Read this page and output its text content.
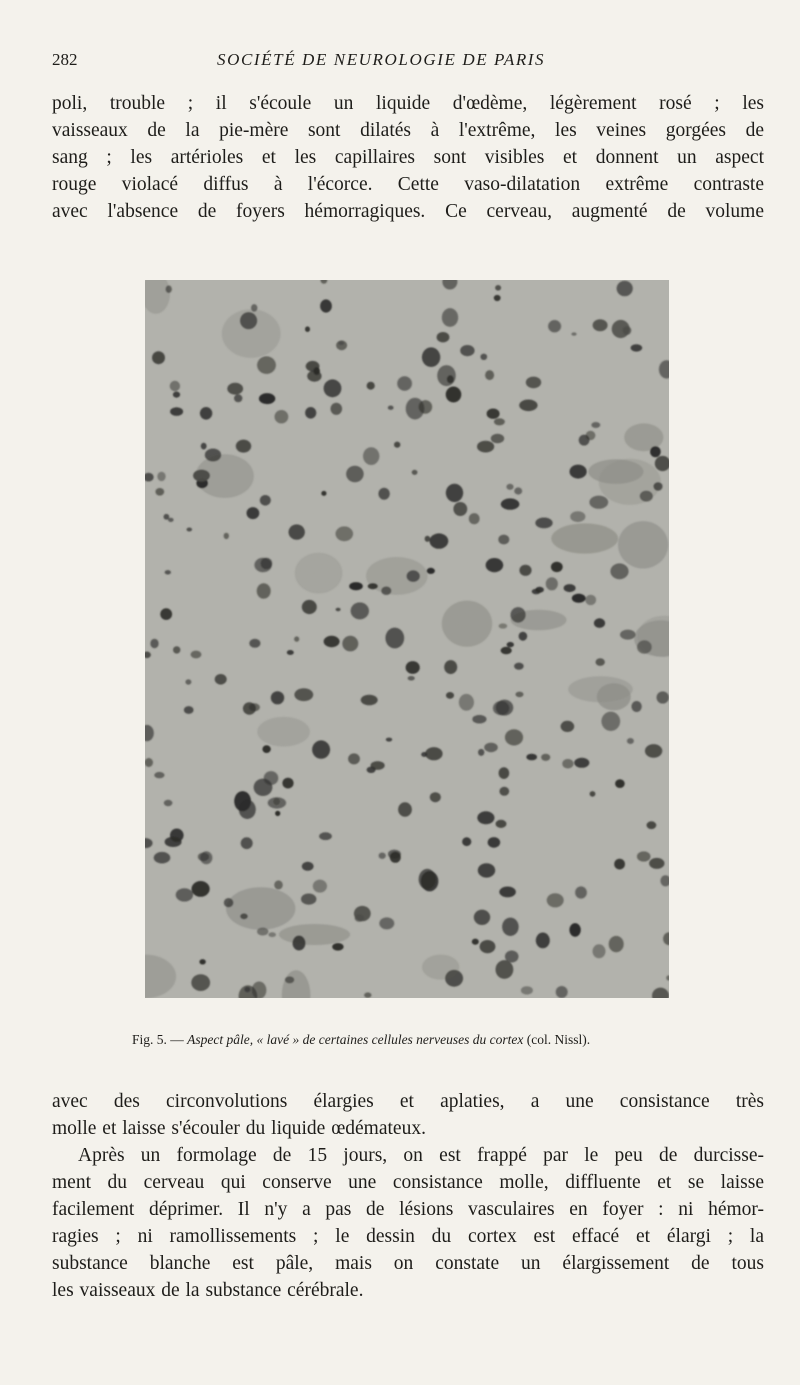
282	SOCIÉTÉ DE NEUROLOGIE DE PARIS
poli, trouble ; il s'écoule un liquide d'œdème, légèrement rosé ; les
vaisseaux de la pie-mère sont dilatés à l'extrême, les veines gorgées de
sang ; les artérioles et les capillaires sont visibles et donnent un aspect
rouge violacé diffus à l'écorce. Cette vaso-dilatation extrême contraste
avec l'absence de foyers hémorragiques. Ce cerveau, augmenté de volume
Fig. 5. — Aspect pâle, « lavé » de certaines cellules nerveuses du cortex (col. Nissl).
avec des circonvolutions élargies et aplaties, a une consistance très
molle et laisse s'écouler du liquide œdémateux.
Après un formolage de 15 jours, on est frappé par le peu de durcisse-
ment du cerveau qui conserve une consistance molle, diffluente et se laisse
facilement déprimer. Il n'y a pas de lésions vasculaires en foyer : ni hémor-
ragies ; ni ramollissements ; le dessin du cortex est effacé et élargi ; la
substance blanche est pâle, mais on constate un élargissement de tous
les vaisseaux de la substance cérébrale.
